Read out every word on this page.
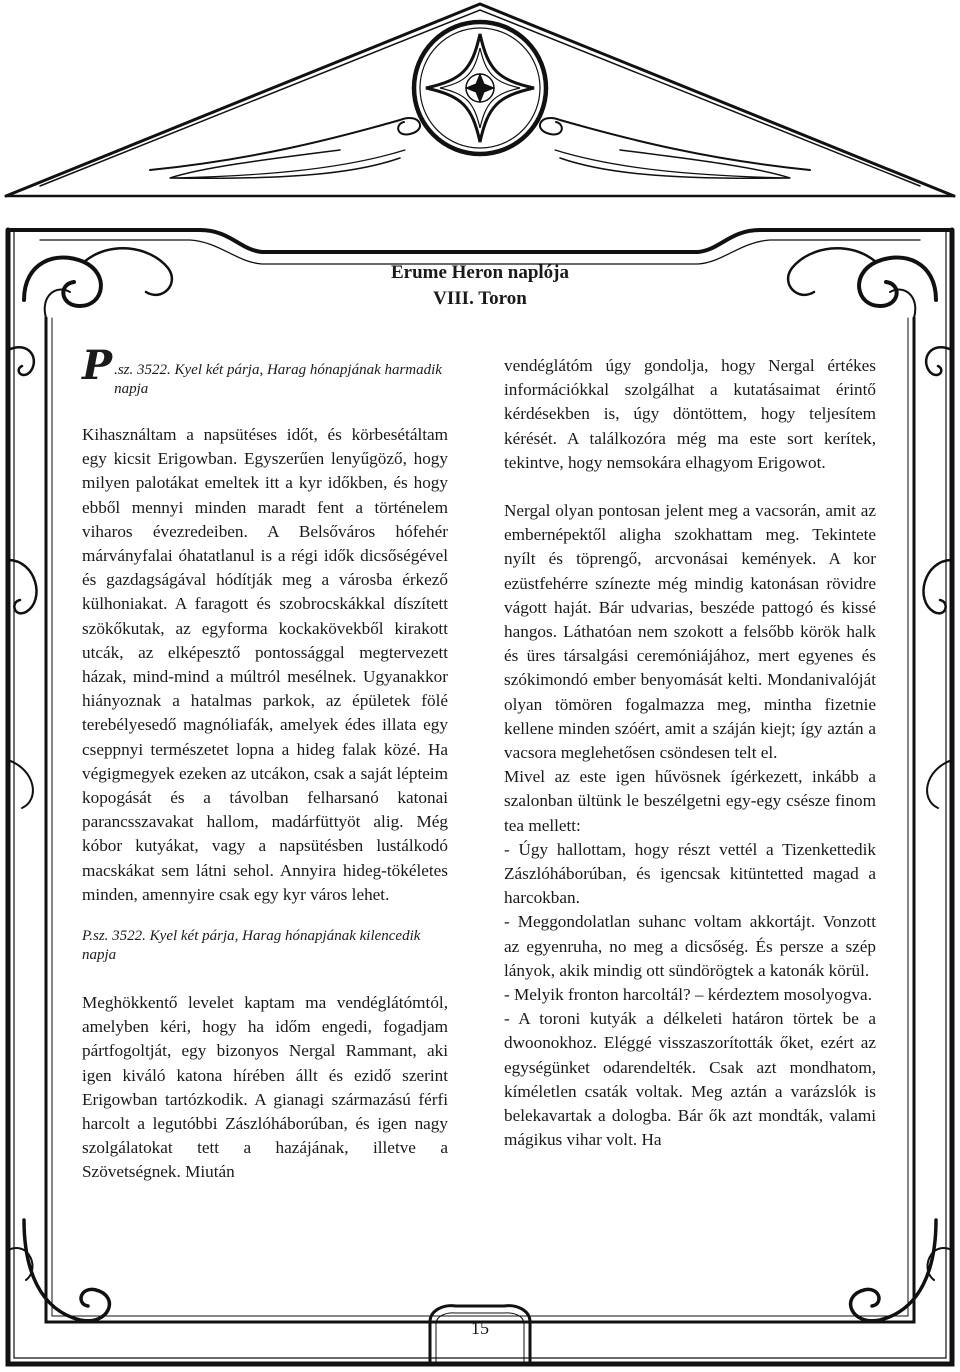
Erume Heron naplója
VIII. Toron

P .sz. 3522. Kyel két párja, Harag hónapjának harmadik napja

Kihasználtam a napsütéses időt, és körbesétáltam egy kicsit Erigowban. Egyszerűen lenyűgöző, hogy milyen palotákat emeltek itt a kyr időkben, és hogy ebből mennyi minden maradt fent a történelem viharos évezredeiben. A Belsőváros hófehér márványfalai óhatatlanul is a régi idők dicsőségével és gazdagságával hódítják meg a városba érkező külhoniakat. A faragott és szobrocskákkal díszített szökőkutak, az egyforma kockakövekből kirakott utcák, az elképesztő pontossággal megtervezett házak, mind-mind a múltról mesélnek. Ugyanakkor hiányoznak a hatalmas parkok, az épületek fölé terebélyesedő magnóliafák, amelyek édes illata egy cseppnyi természetet lopna a hideg falak közé. Ha végigmegyek ezeken az utcákon, csak a saját lépteim kopogását és a távolban felharsanó katonai parancsszavakat hallom, madárfüttyöt alig. Még kóbor kutyákat, vagy a napsütésben lustálkodó macskákat sem látni sehol. Annyira hideg-tökéletes minden, amennyire csak egy kyr város lehet.

P.sz. 3522. Kyel két párja, Harag hónapjának kilencedik napja

Meghökkentő levelet kaptam ma vendéglátómtól, amelyben kéri, hogy ha időm engedi, fogadjam pártfogoltját, egy bizonyos Nergal Rammant, aki igen kiváló katona hírében állt és ezidő szerint Erigowban tartózkodik. A gianagi származású férfi harcolt a legutóbbi Zászlóháborúban, és igen nagy szolgálatokat tett a hazájának, illetve a Szövetségnek. Miután

vendéglátóm úgy gondolja, hogy Nergal értékes információkkal szolgálhat a kutatásaimat érintő kérdésekben is, úgy döntöttem, hogy teljesítem kérését. A találkozóra még ma este sort kerítek, tekintve, hogy nemsokára elhagyom Erigowot.

Nergal olyan pontosan jelent meg a vacsorán, amit az embernépektől aligha szokhattam meg. Tekintete nyílt és töprengő, arcvonásai kemények. A kor ezüstfehérre színezte még mindig katonásan rövidre vágott haját. Bár udvarias, beszéde pattogó és kissé hangos. Láthatóan nem szokott a felsőbb körök halk és üres társalgási ceremóniájához, mert egyenes és szókimondó ember benyomását kelti. Mondanivalóját olyan tömören fogalmazza meg, mintha fizetnie kellene minden szóért, amit a száján kiejt; így aztán a vacsora meglehetősen csöndesen telt el.

Mivel az este igen hűvösnek ígérkezett, inkább a szalonban ültünk le beszélgetni egy-egy csésze finom tea mellett:

- Úgy hallottam, hogy részt vettél a Tizenkettedik Zászlóháborúban, és igencsak kitüntetted magad a harcokban.

- Meggondolatlan suhanc voltam akkortájt. Vonzott az egyenruha, no meg a dicsőség. És persze a szép lányok, akik mindig ott sündörögtek a katonák körül.

- Melyik fronton harcoltál? – kérdeztem mosolyogva.

- A toroni kutyák a délkeleti határon törtek be a dwoonokhoz. Eléggé visszaszorították őket, ezért az egységünket odarendelték. Csak azt mondhatom, kíméletlen csaták voltak. Meg aztán a varázslók is belekavartak a dologba. Bár ők azt mondták, valami mágikus vihar volt. Ha

15
